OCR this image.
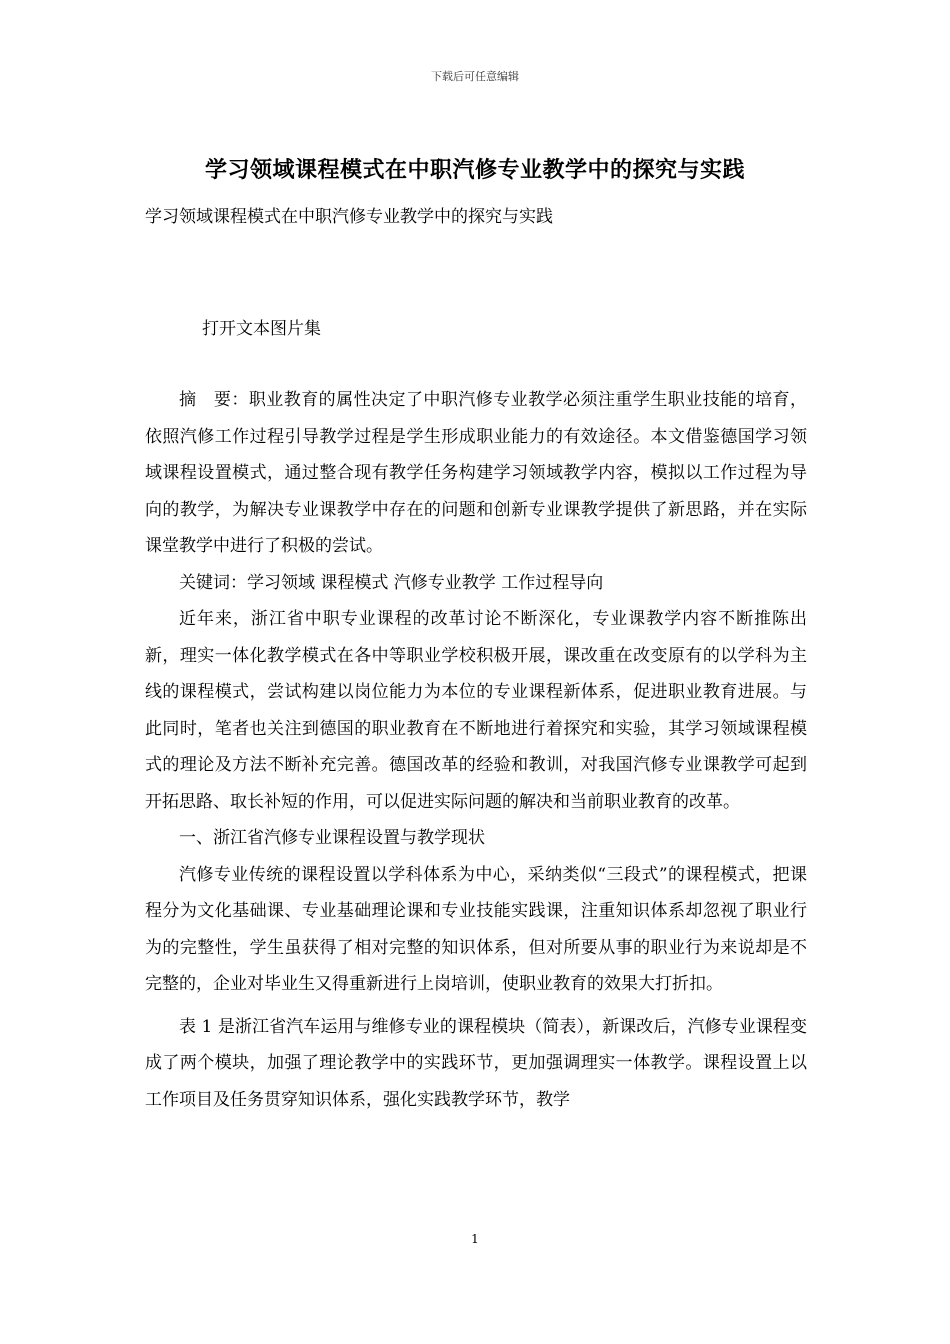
下载后可任意编辑
学习领域课程模式在中职汽修专业教学中的探究与实践
学习领域课程模式在中职汽修专业教学中的探究与实践
打开文本图片集

摘　要：职业教育的属性决定了中职汽修专业教学必须注重学生职业技能的培育，依照汽修工作过程引导教学过程是学生形成职业能力的有效途径。本文借鉴德国学习领域课程设置模式，通过整合现有教学任务构建学习领域教学内容，模拟以工作过程为导向的教学，为解决专业课教学中存在的问题和创新专业课教学提供了新思路，并在实际课堂教学中进行了积极的尝试。

关键词：学习领域 课程模式 汽修专业教学 工作过程导向

近年来，浙江省中职专业课程的改革讨论不断深化，专业课教学内容不断推陈出新，理实一体化教学模式在各中等职业学校积极开展，课改重在改变原有的以学科为主线的课程模式，尝试构建以岗位能力为本位的专业课程新体系，促进职业教育进展。与此同时，笔者也关注到德国的职业教育在不断地进行着探究和实验，其学习领域课程模式的理论及方法不断补充完善。德国改革的经验和教训，对我国汽修专业课教学可起到开拓思路、取长补短的作用，可以促进实际问题的解决和当前职业教育的改革。

一、浙江省汽修专业课程设置与教学现状

汽修专业传统的课程设置以学科体系为中心，采纳类似“三段式”的课程模式，把课程分为文化基础课、专业基础理论课和专业技能实践课，注重知识体系却忽视了职业行为的完整性，学生虽获得了相对完整的知识体系，但对所要从事的职业行为来说却是不完整的，企业对毕业生又得重新进行上岗培训，使职业教育的效果大打折扣。

表 1 是浙江省汽车运用与维修专业的课程模块（简表），新课改后，汽修专业课程变成了两个模块，加强了理论教学中的实践环节，更加强调理实一体教学。课程设置上以工作项目及任务贯穿知识体系，强化实践教学环节，教学

1
